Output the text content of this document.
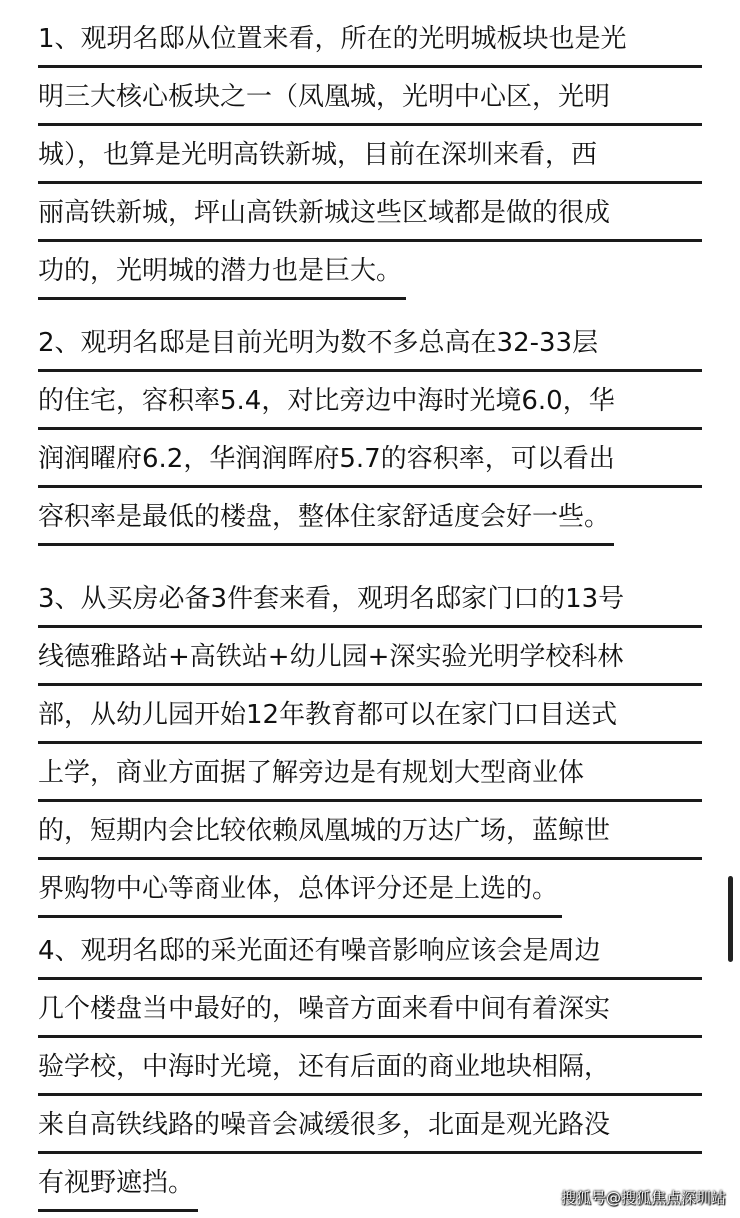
1、观玥名邸从位置来看，所在的光明城板块也是光
明三大核心板块之一（凤凰城，光明中心区，光明
城），也算是光明高铁新城，目前在深圳来看，西
丽高铁新城，坪山高铁新城这些区域都是做的很成
功的，光明城的潜力也是巨大。
2、观玥名邸是目前光明为数不多总高在32-33层
的住宅，容积率5.4，对比旁边中海时光境6.0，华
润润曜府6.2，华润润晖府5.7的容积率，可以看出
容积率是最低的楼盘，整体住家舒适度会好一些。
3、从买房必备3件套来看，观玥名邸家门口的13号
线德雅路站+高铁站+幼儿园+深实验光明学校科林
部，从幼儿园开始12年教育都可以在家门口目送式
上学，商业方面据了解旁边是有规划大型商业体
的，短期内会比较依赖凤凰城的万达广场，蓝鲸世
界购物中心等商业体，总体评分还是上选的。
4、观玥名邸的采光面还有噪音影响应该会是周边
几个楼盘当中最好的，噪音方面来看中间有着深实
验学校，中海时光境，还有后面的商业地块相隔，
来自高铁线路的噪音会减缓很多，北面是观光路没
有视野遮挡。	搜狐号@搜狐焦点深圳站
